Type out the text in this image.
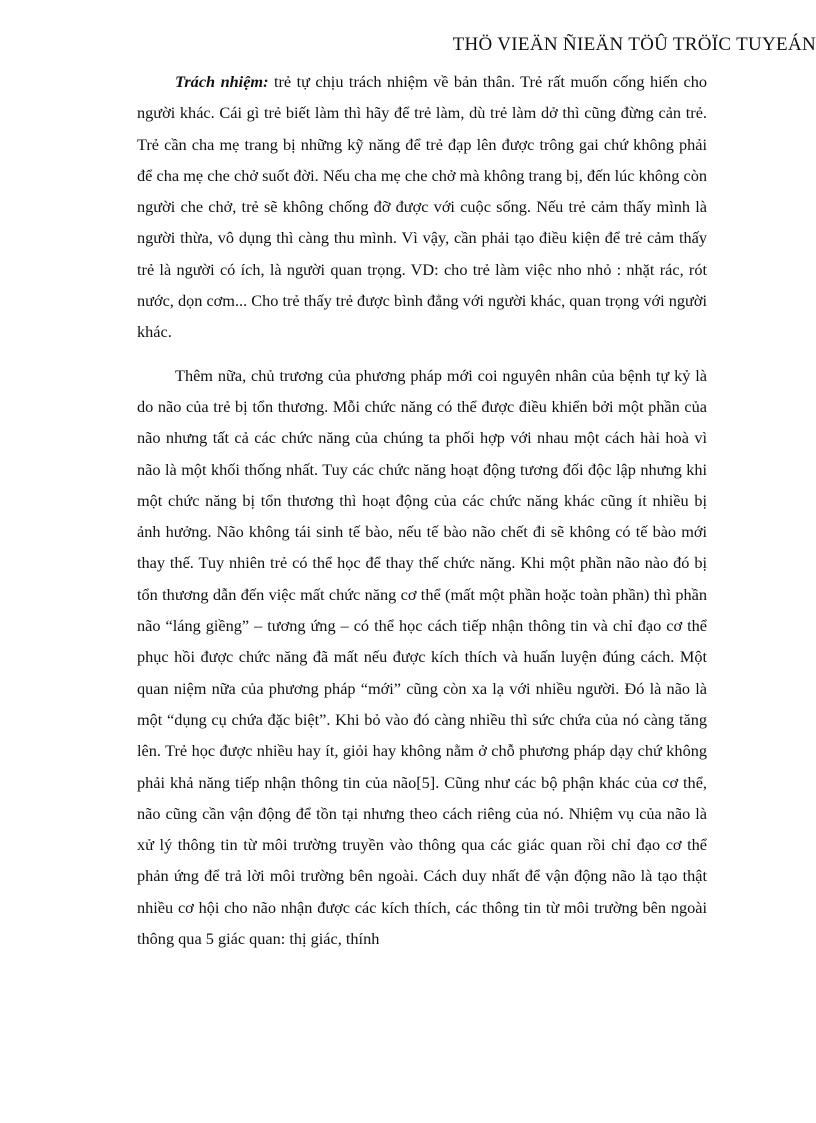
THÖ VIEÄN ÑIEÄN TÖÛ TRÖÏC TUYEÁN

Trách nhiệm: trẻ tự chịu trách nhiệm về bản thân. Trẻ rất muốn cống hiến cho người khác. Cái gì trẻ biết làm thì hãy để trẻ làm, dù trẻ làm dở thì cũng đừng cản trẻ. Trẻ cần cha mẹ trang bị những kỹ năng để trẻ đạp lên được trông gai chứ không phải để cha mẹ che chở suốt đời. Nếu cha mẹ che chở mà không trang bị, đến lúc không còn người che chở, trẻ sẽ không chống đỡ được với cuộc sống. Nếu trẻ cảm thấy mình là người thừa, vô dụng thì càng thu mình. Vì vậy, cần phải tạo điều kiện để trẻ cảm thấy trẻ là người có ích, là người quan trọng. VD: cho trẻ làm việc nho nhỏ : nhặt rác, rót nước, dọn cơm... Cho trẻ thấy trẻ được bình đẳng với người khác, quan trọng với người khác.

Thêm nữa, chủ trương của phương pháp mới coi nguyên nhân của bệnh tự kỷ là do não của trẻ bị tổn thương. Mỗi chức năng có thể được điều khiển bởi một phần của não nhưng tất cả các chức năng của chúng ta phối hợp với nhau một cách hài hoà vì não là một khối thống nhất. Tuy các chức năng hoạt động tương đối độc lập nhưng khi một chức năng bị tổn thương thì hoạt động của các chức năng khác cũng ít nhiều bị ảnh hưởng. Não không tái sinh tế bào, nếu tế bào não chết đi sẽ không có tế bào mới thay thế. Tuy nhiên trẻ có thể học để thay thế chức năng. Khi một phần não nào đó bị tổn thương dẫn đến việc mất chức năng cơ thể (mất một phần hoặc toàn phần) thì phần não “láng giềng” – tương ứng – có thể học cách tiếp nhận thông tin và chỉ đạo cơ thể phục hồi được chức năng đã mất nếu được kích thích và huấn luyện đúng cách. Một quan niệm nữa của phương pháp “mới” cũng còn xa lạ với nhiều người. Đó là não là một “dụng cụ chứa đặc biệt”. Khi bỏ vào đó càng nhiều thì sức chứa của nó càng tăng lên. Trẻ học được nhiều hay ít, giỏi hay không nằm ở chỗ phương pháp dạy chứ không phải khả năng tiếp nhận thông tin của não[5]. Cũng như các bộ phận khác của cơ thể, não cũng cần vận động để tồn tại nhưng theo cách riêng của nó. Nhiệm vụ của não là xử lý thông tin từ môi trường truyền vào thông qua các giác quan rồi chỉ đạo cơ thể phản ứng để trả lời môi trường bên ngoài. Cách duy nhất để vận động não là tạo thật nhiều cơ hội cho não nhận được các kích thích, các thông tin từ môi trường bên ngoài thông qua 5 giác quan: thị giác, thính
